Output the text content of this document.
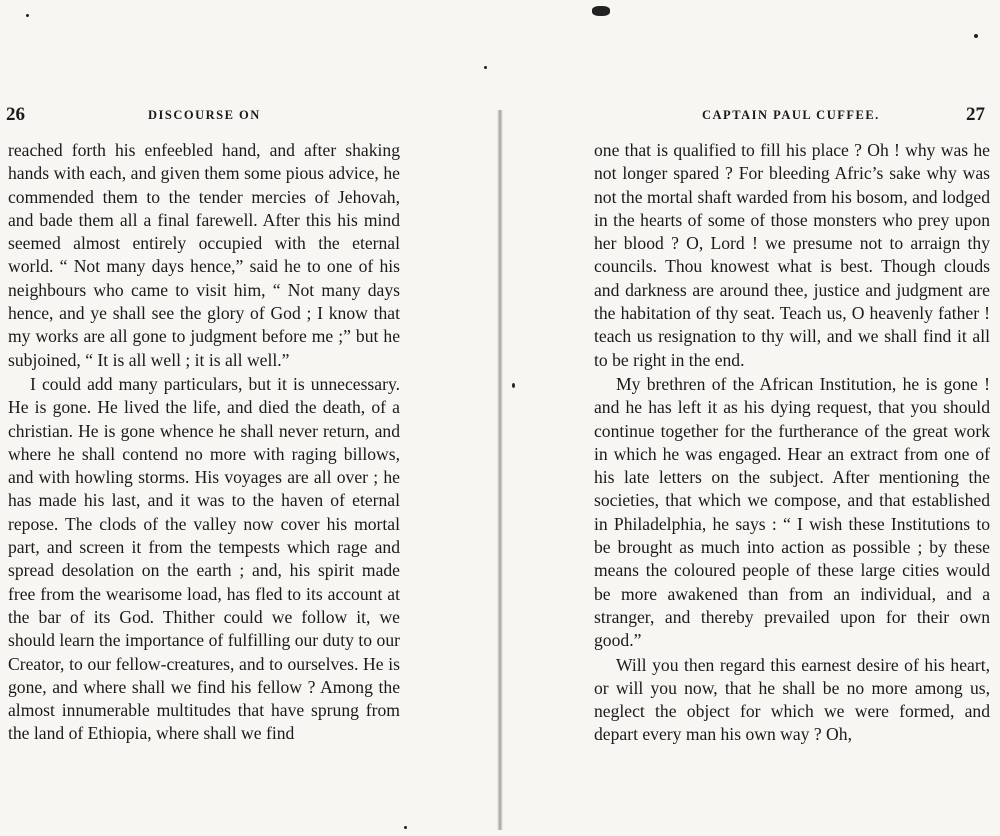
26	DISCOURSE ON

reached forth his enfeebled hand, and after shaking hands with each, and given them some pious advice, he commended them to the tender mercies of Jehovah, and bade them all a final farewell. After this his mind seemed almost entirely occupied with the eternal world. “ Not many days hence,” said he to one of his neighbours who came to visit him, “ Not many days hence, and ye shall see the glory of God ; I know that my works are all gone to judgment before me ;” but he subjoined, “ It is all well ; it is all well.”

I could add many particulars, but it is unnecessary. He is gone. He lived the life, and died the death, of a christian. He is gone whence he shall never return, and where he shall contend no more with raging billows, and with howling storms. His voyages are all over ; he has made his last, and it was to the haven of eternal repose. The clods of the valley now cover his mortal part, and screen it from the tempests which rage and spread desolation on the earth ; and, his spirit made free from the wearisome load, has fled to its account at the bar of its God. Thither could we follow it, we should learn the importance of fulfilling our duty to our Creator, to our fellow-creatures, and to ourselves. He is gone, and where shall we find his fellow ? Among the almost innumerable multitudes that have sprung from the land of Ethiopia, where shall we find

CAPTAIN PAUL CUFFEE.	27

one that is qualified to fill his place ? Oh ! why was he not longer spared ? For bleeding Afric’s sake why was not the mortal shaft warded from his bosom, and lodged in the hearts of some of those monsters who prey upon her blood ? O, Lord ! we presume not to arraign thy councils. Thou knowest what is best. Though clouds and darkness are around thee, justice and judgment are the habitation of thy seat. Teach us, O heavenly father ! teach us resignation to thy will, and we shall find it all to be right in the end.

My brethren of the African Institution, he is gone ! and he has left it as his dying request, that you should continue together for the furtherance of the great work in which he was engaged. Hear an extract from one of his late letters on the subject. After mentioning the societies, that which we compose, and that established in Philadelphia, he says : “ I wish these Institutions to be brought as much into action as possible ; by these means the coloured people of these large cities would be more awakened than from an individual, and a stranger, and thereby prevailed upon for their own good.”

Will you then regard this earnest desire of his heart, or will you now, that he shall be no more among us, neglect the object for which we were formed, and depart every man his own way ? Oh,
